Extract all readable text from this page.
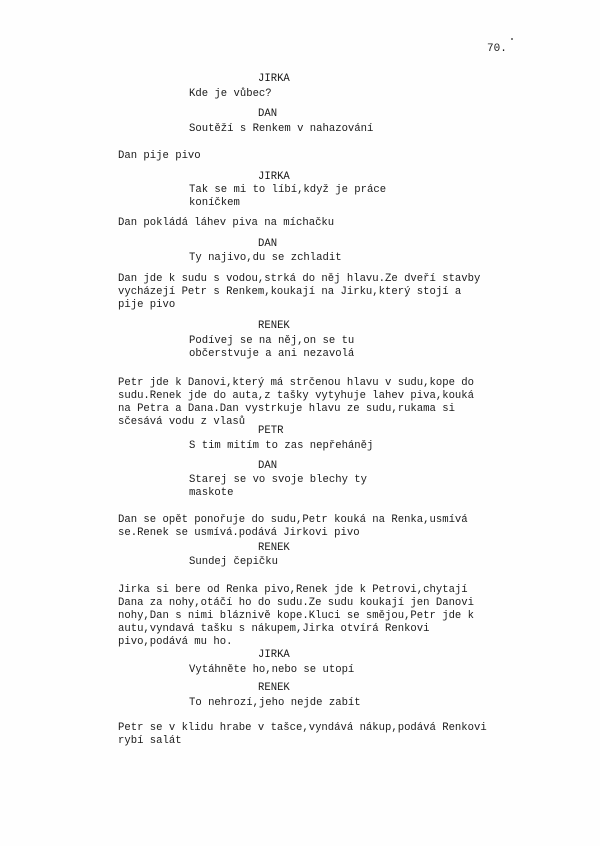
70.
JIRKA
Kde je vůbec?
DAN
Soutěží s Renkem v nahazování
Dan pije pivo
JIRKA
Tak se mi to líbí,když je práce
koníčkem
Dan pokládá láhev piva na míchačku
DAN
Ty najivo,du se zchladit
Dan jde k sudu s vodou,strká do něj hlavu.Ze dveří stavby
vycházejí Petr s Renkem,koukají na Jirku,který stojí a
pije pivo
RENEK
Podívej se na něj,on se tu
občerstvuje a ani nezavolá
Petr jde k Danovi,který má strčenou hlavu v sudu,kope do
sudu.Renek jde do auta,z tašky vytyhuje lahev piva,kouká
na Petra a Dana.Dan vystrkuje hlavu ze sudu,rukama si
sčesává vodu z vlasů
PETR
S tim mitím to zas nepřeháněj
DAN
Starej se vo svoje blechy ty
maskote
Dan se opět ponořuje do sudu,Petr kouká na Renka,usmívá
se.Renek se usmívá.podává Jirkovi pivo
RENEK
Sundej čepičku
Jirka si bere od Renka pivo,Renek jde k Petrovi,chytají
Dana za nohy,otáčí ho do sudu.Ze sudu koukají jen Danovi
nohy,Dan s nimi bláznivě kope.Kluci se smějou,Petr jde k
autu,vyndavá tašku s nákupem,Jirka otvírá Renkovi
pivo,podává mu ho.
JIRKA
Vytáhněte ho,nebo se utopí
RENEK
To nehrozí,jeho nejde zabít
Petr se v klidu hrabe v tašce,vyndává nákup,podává Renkovi
rybí salát
